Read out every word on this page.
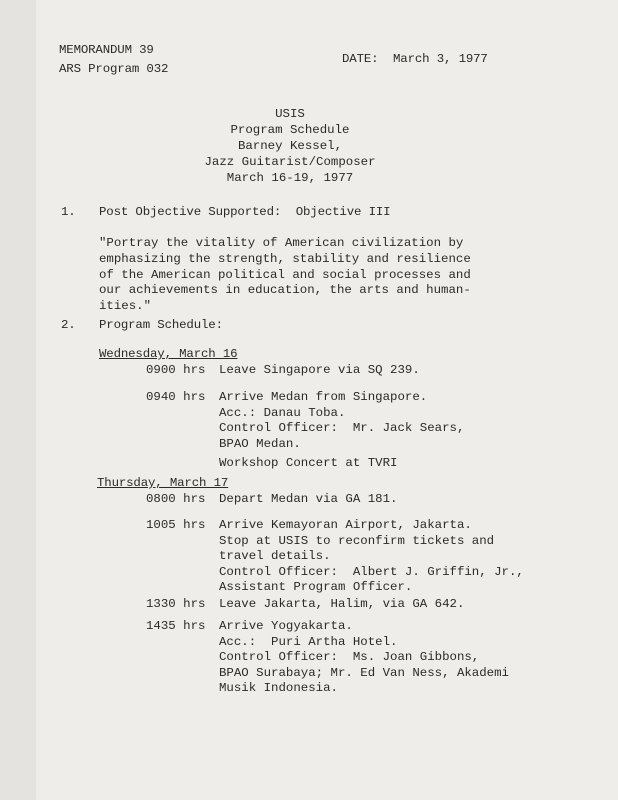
MEMORANDUM 39
ARS Program 032
DATE:  March 3, 1977
USIS
Program Schedule
Barney Kessel,
Jazz Guitarist/Composer
March 16-19, 1977
1. Post Objective Supported:  Objective III
"Portray the vitality of American civilization by
emphasizing the strength, stability and resilience
of the American political and social processes and
our achievements in education, the arts and human-
ities."
2. Program Schedule:
Wednesday, March 16
0900 hrs Leave Singapore via SQ 239.
0940 hrs Arrive Medan from Singapore.
Acc.: Danau Toba.
Control Officer:  Mr. Jack Sears,
BPAO Medan.
Workshop Concert at TVRI
Thursday, March 17
0800 hrs Depart Medan via GA 181.
1005 hrs Arrive Kemayoran Airport, Jakarta.
Stop at USIS to reconfirm tickets and
travel details.
Control Officer:  Albert J. Griffin, Jr.,
Assistant Program Officer.
1330 hrs Leave Jakarta, Halim, via GA 642.
1435 hrs Arrive Yogyakarta.
Acc.:  Puri Artha Hotel.
Control Officer:  Ms. Joan Gibbons,
BPAO Surabaya; Mr. Ed Van Ness, Akademi
Musik Indonesia.
